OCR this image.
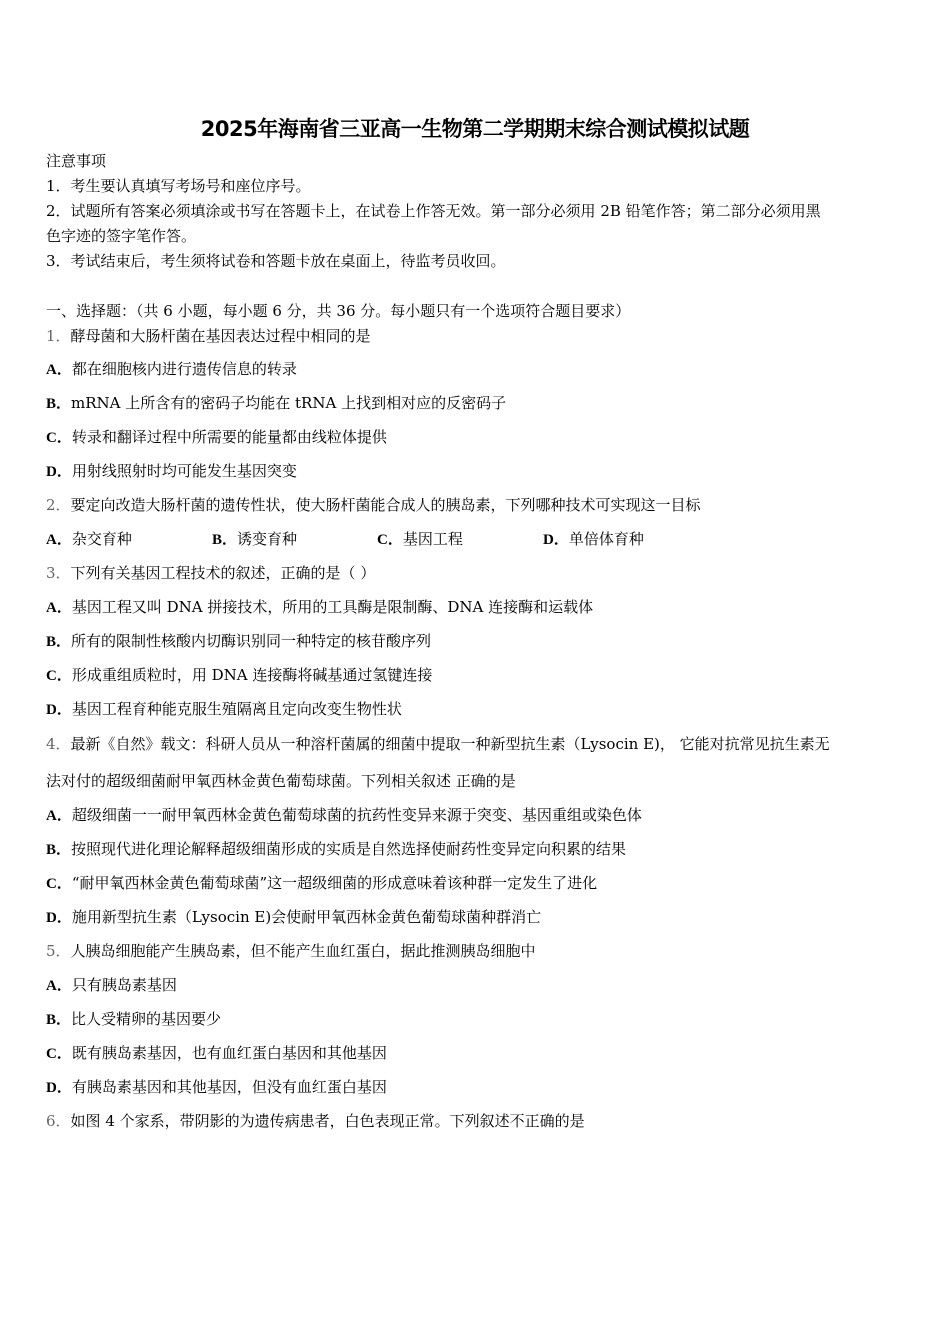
2025年海南省三亚高一生物第二学期期末综合测试模拟试题
注意事项
1．考生要认真填写考场号和座位序号。
2．试题所有答案必须填涂或书写在答题卡上，在试卷上作答无效。第一部分必须用 2B 铅笔作答；第二部分必须用黑
色字迹的签字笔作答。
3．考试结束后，考生须将试卷和答题卡放在桌面上，待监考员收回。
一、选择题：（共 6 小题，每小题 6 分，共 36 分。每小题只有一个选项符合题目要求）
1．酵母菌和大肠杆菌在基因表达过程中相同的是
A．都在细胞核内进行遗传信息的转录
B．mRNA 上所含有的密码子均能在 tRNA 上找到相对应的反密码子
C．转录和翻译过程中所需要的能量都由线粒体提供
D．用射线照射时均可能发生基因突变
2．要定向改造大肠杆菌的遗传性状，使大肠杆菌能合成人的胰岛素，下列哪种技术可实现这一目标
A．杂交育种	B．诱变育种	C．基因工程	D．单倍体育种
3．下列有关基因工程技术的叙述，正确的是（ ）
A．基因工程又叫 DNA 拼接技术，所用的工具酶是限制酶、DNA 连接酶和运载体
B．所有的限制性核酸内切酶识别同一种特定的核苷酸序列
C．形成重组质粒时，用 DNA 连接酶将碱基通过氢键连接
D．基因工程育种能克服生殖隔离且定向改变生物性状
4．最新《自然》载文：科研人员从一种溶杆菌属的细菌中提取一种新型抗生素（Lysocin E)， 它能对抗常见抗生素无
法对付的超级细菌耐甲氧西林金黄色葡萄球菌。下列相关叙述 正确的是
A．超级细菌一一耐甲氧西林金黄色葡萄球菌的抗药性变异来源于突变、基因重组或染色体
B．按照现代进化理论解释超级细菌形成的实质是自然选择使耐药性变异定向积累的结果
C．“耐甲氧西林金黄色葡萄球菌”这一超级细菌的形成意味着该种群一定发生了进化
D．施用新型抗生素（Lysocin E)会使耐甲氧西林金黄色葡萄球菌种群消亡
5．人胰岛细胞能产生胰岛素，但不能产生血红蛋白，据此推测胰岛细胞中
A．只有胰岛素基因
B．比人受精卵的基因要少
C．既有胰岛素基因，也有血红蛋白基因和其他基因
D．有胰岛素基因和其他基因，但没有血红蛋白基因
6．如图 4 个家系，带阴影的为遗传病患者，白色表现正常。下列叙述不正确的是
